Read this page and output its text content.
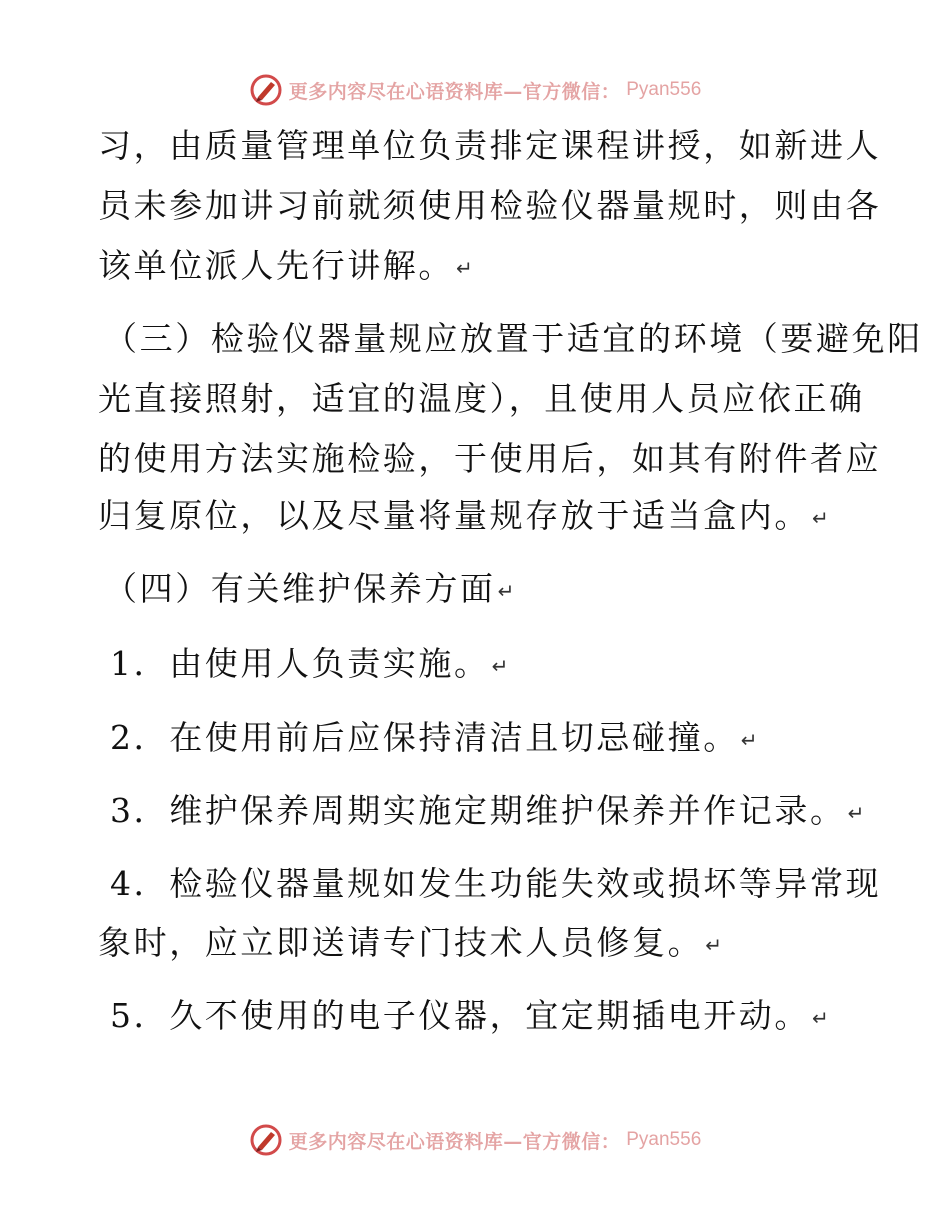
更多内容尽在心语资料库—官方微信： Pyan556
习，由质量管理单位负责排定课程讲授，如新进人
员未参加讲习前就须使用检验仪器量规时，则由各
该单位派人先行讲解。 ↵
（三）检验仪器量规应放置于适宜的环境（要避免阳
光直接照射，适宜的温度），且使用人员应依正确
的使用方法实施检验，于使用后，如其有附件者应
归复原位，以及尽量将量规存放于适当盒内。 ↵
（四）有关维护保养方面 ↵
1．由使用人负责实施。 ↵
2．在使用前后应保持清洁且切忌碰撞。 ↵
3．维护保养周期实施定期维护保养并作记录。 ↵
4．检验仪器量规如发生功能失效或损坏等异常现
象时，应立即送请专门技术人员修复。 ↵
5．久不使用的电子仪器，宜定期插电开动。 ↵
更多内容尽在心语资料库—官方微信： Pyan556
